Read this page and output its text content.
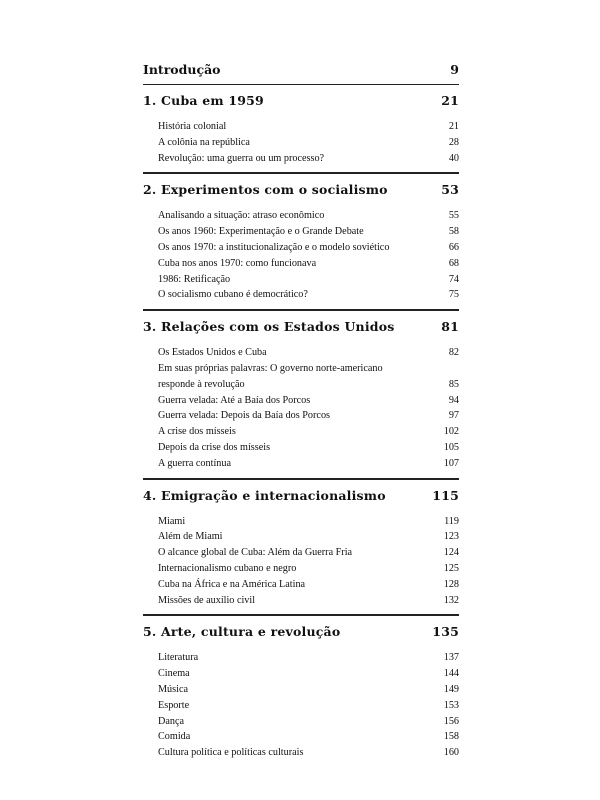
Introdução	9
1. Cuba em 1959	21
História colonial	21
A colônia na república	28
Revolução: uma guerra ou um processo?	40
2. Experimentos com o socialismo	53
Analisando a situação: atraso econômico	55
Os anos 1960: Experimentação e o Grande Debate	58
Os anos 1970: a institucionalização e o modelo soviético	66
Cuba nos anos 1970: como funcionava	68
1986: Retificação	74
O socialismo cubano é democrático?	75
3. Relações com os Estados Unidos	81
Os Estados Unidos e Cuba	82
Em suas próprias palavras: O governo norte-americano responde à revolução	85
Guerra velada: Até a Baía dos Porcos	94
Guerra velada: Depois da Baía dos Porcos	97
A crise dos mísseis	102
Depois da crise dos mísseis	105
A guerra contínua	107
4. Emigração e internacionalismo	115
Miami	119
Além de Miami	123
O alcance global de Cuba: Além da Guerra Fria	124
Internacionalismo cubano e negro	125
Cuba na África e na América Latina	128
Missões de auxílio civil	132
5. Arte, cultura e revolução	135
Literatura	137
Cinema	144
Música	149
Esporte	153
Dança	156
Comida	158
Cultura política e políticas culturais	160
